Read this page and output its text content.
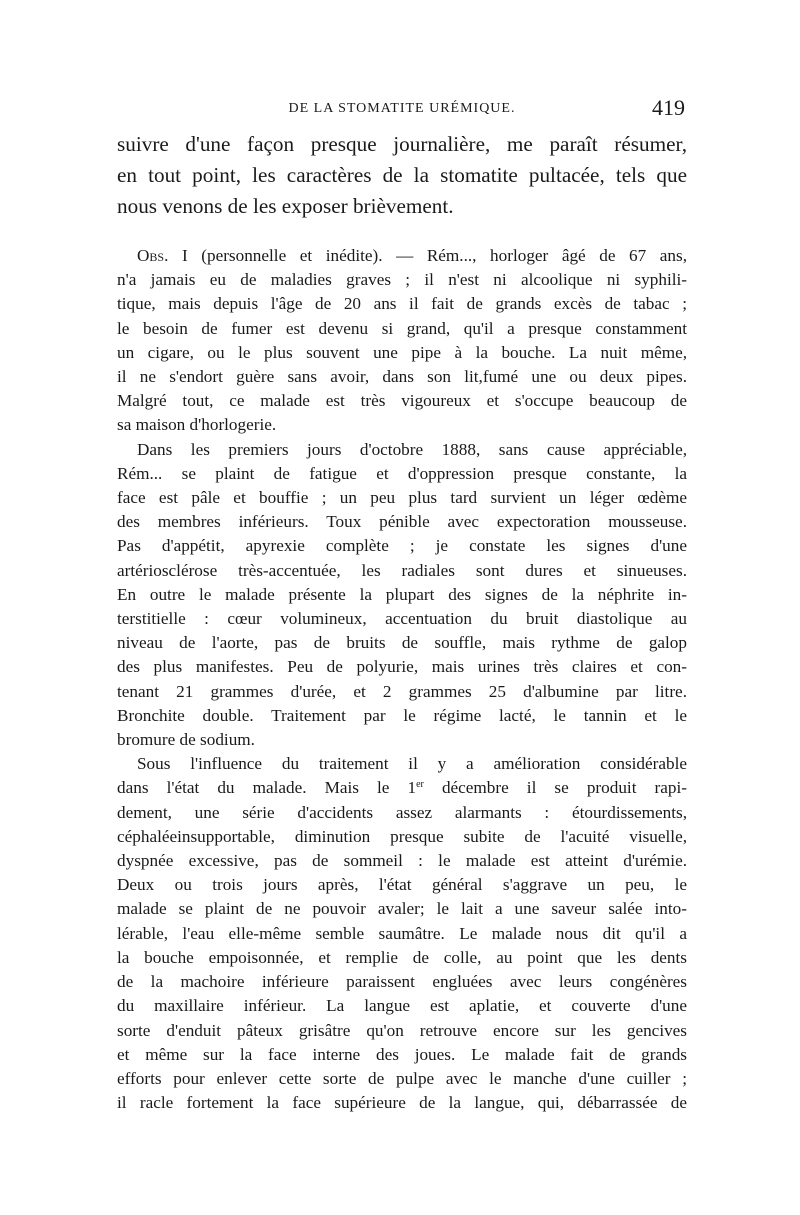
DE LA STOMATITE URÉMIQUE.	419
suivre d'une façon presque journalière, me paraît résumer,
en tout point, les caractères de la stomatite pultacée, tels que
nous venons de les exposer brièvement.
Obs. I (personnelle et inédite). — Rém..., horloger âgé de 67 ans,
n'a jamais eu de maladies graves ; il n'est ni alcoolique ni syphili-
tique, mais depuis l'âge de 20 ans il fait de grands excès de tabac ;
le besoin de fumer est devenu si grand, qu'il a presque constamment
un cigare, ou le plus souvent une pipe à la bouche. La nuit même,
il ne s'endort guère sans avoir, dans son lit,fumé une ou deux pipes.
Malgré tout, ce malade est très vigoureux et s'occupe beaucoup de
sa maison d'horlogerie.
Dans les premiers jours d'octobre 1888, sans cause appréciable,
Rém... se plaint de fatigue et d'oppression presque constante, la
face est pâle et bouffie ; un peu plus tard survient un léger œdème
des membres inférieurs. Toux pénible avec expectoration mousseuse.
Pas d'appétit, apyrexie complète ; je constate les signes d'une
artériosclérose très-accentuée, les radiales sont dures et sinueuses.
En outre le malade présente la plupart des signes de la néphrite in-
terstitielle : cœur volumineux, accentuation du bruit diastolique au
niveau de l'aorte, pas de bruits de souffle, mais rythme de galop
des plus manifestes. Peu de polyurie, mais urines très claires et con-
tenant 21 grammes d'urée, et 2 grammes 25 d'albumine par litre.
Bronchite double. Traitement par le régime lacté, le tannin et le
bromure de sodium.
Sous l'influence du traitement il y a amélioration considérable
dans l'état du malade. Mais le 1er décembre il se produit rapi-
dement, une série d'accidents assez alarmants : étourdissements,
céphaléeinsupportable, diminution presque subite de l'acuité visuelle,
dyspnée excessive, pas de sommeil : le malade est atteint d'urémie.
Deux ou trois jours après, l'état général s'aggrave un peu, le
malade se plaint de ne pouvoir avaler; le lait a une saveur salée into-
lérable, l'eau elle-même semble saumâtre. Le malade nous dit qu'il a
la bouche empoisonnée, et remplie de colle, au point que les dents
de la machoire inférieure paraissent engluées avec leurs congénères
du maxillaire inférieur. La langue est aplatie, et couverte d'une
sorte d'enduit pâteux grisâtre qu'on retrouve encore sur les gencives
et même sur la face interne des joues. Le malade fait de grands
efforts pour enlever cette sorte de pulpe avec le manche d'une cuiller ;
il racle fortement la face supérieure de la langue, qui, débarrassée de
